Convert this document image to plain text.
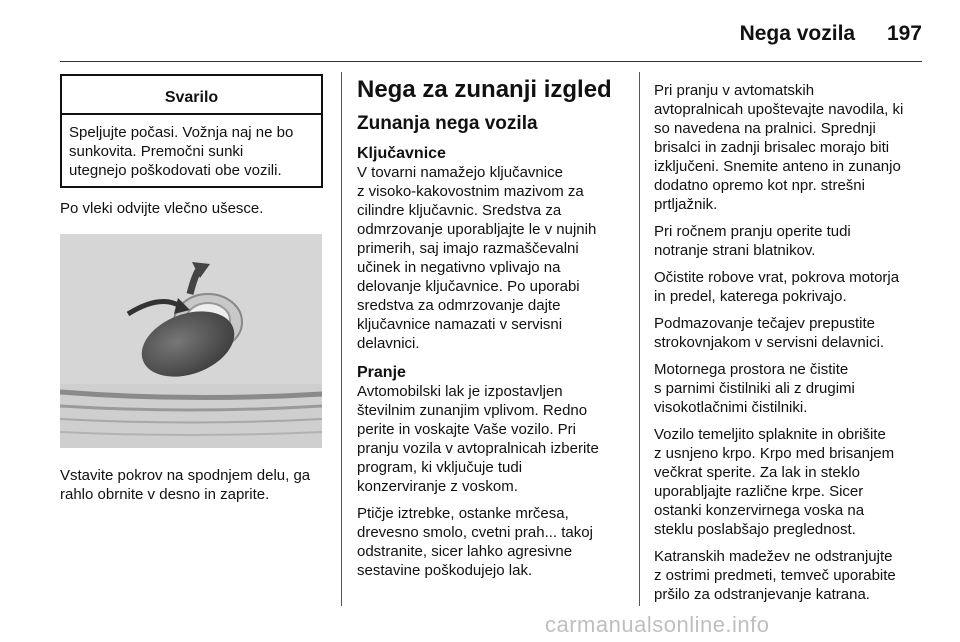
Nega vozila 197
Svarilo
Speljujte počasi. Vožnja naj ne bo
sunkovita. Premočni sunki
utegnejo poškodovati obe vozili.

Po vleki odvijte vlečno ušesce.

Vstavite pokrov na spodnjem delu, ga
rahlo obrnite v desno in zaprite.

Nega za zunanji izgled
Zunanja nega vozila
Ključavnice

V tovarni namažejo ključavnice
z visoko-kakovostnim mazivom za
cilindre ključavnic. Sredstva za
odmrzovanje uporabljajte le v nujnih
primerih, saj imajo razmaščevalni
učinek in negativno vplivajo na
delovanje ključavnice. Po uporabi
sredstva za odmrzovanje dajte
ključavnice namazati v servisni
delavnici.

Pranje

Avtomobilski lak je izpostavljen
številnim zunanjim vplivom. Redno
perite in voskajte Vaše vozilo. Pri
pranju vozila v avtopralnicah izberite
program, ki vključuje tudi
konzerviranje z voskom.

Ptičje iztrebke, ostanke mrčesa,
drevesno smolo, cvetni prah... takoj
odstranite, sicer lahko agresivne
sestavine poškodujejo lak.

Pri pranju v avtomatskih
avtopralnicah upoštevajte navodila, ki
so navedena na pralnici. Sprednji
brisalci in zadnji brisalec morajo biti
izključeni. Snemite anteno in zunanjo
dodatno opremo kot npr. strešni
prtljažnik.

Pri ročnem pranju operite tudi
notranje strani blatnikov.

Očistite robove vrat, pokrova motorja
in predel, katerega pokrivajo.

Podmazovanje tečajev prepustite
strokovnjakom v servisni delavnici.

Motornega prostora ne čistite
s parnimi čistilniki ali z drugimi
visokotlačnimi čistilniki.

Vozilo temeljito splaknite in obrišite
z usnjeno krpo. Krpo med brisanjem
večkrat sperite. Za lak in steklo
uporabljajte različne krpe. Sicer
ostanki konzervirnega voska na
steklu poslabšajo preglednost.

Katranskih madežev ne odstranjujte
z ostrimi predmeti, temveč uporabite
pršilo za odstranjevanje katrana.

carmanualsonline.info
